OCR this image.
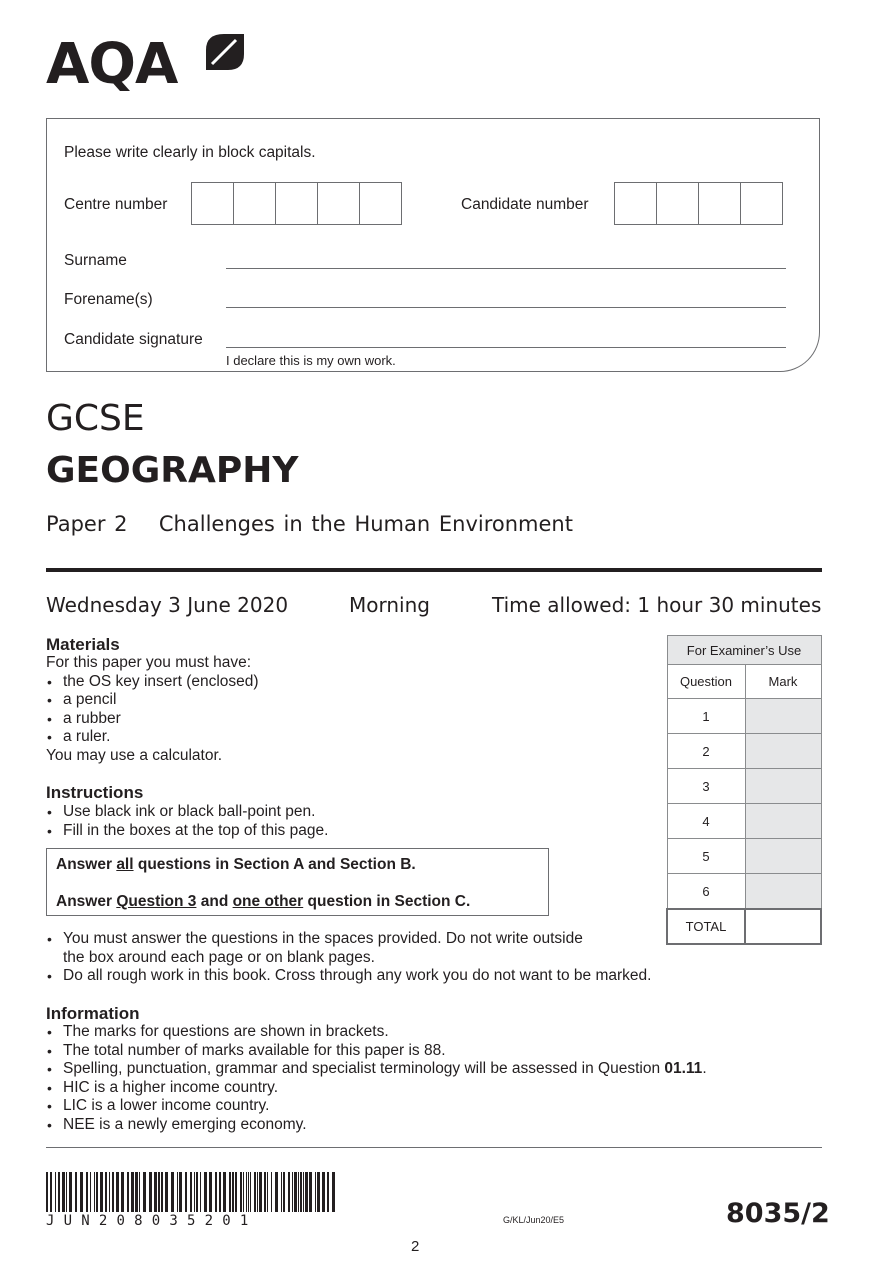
AQA
Please write clearly in block capitals.
Centre number	Candidate number
Surname
Forename(s)
Candidate signature
I declare this is my own work.
GCSE
GEOGRAPHY
Paper 2 Challenges in the Human Environment
Wednesday 3 June 2020	Morning	Time allowed: 1 hour 30 minutes
Materials
For this paper you must have:
• the OS key insert (enclosed)
• a pencil
• a rubber
• a ruler.
You may use a calculator.
Instructions
• Use black ink or black ball-point pen.
• Fill in the boxes at the top of this page.
Answer all questions in Section A and Section B.
Answer Question 3 and one other question in Section C.
• You must answer the questions in the spaces provided. Do not write outside
the box around each page or on blank pages.
• Do all rough work in this book. Cross through any work you do not want to be marked.
Information
• The marks for questions are shown in brackets.
• The total number of marks available for this paper is 88.
• Spelling, punctuation, grammar and specialist terminology will be assessed in Question 01.11.
• HIC is a higher income country.
• LIC is a lower income country.
• NEE is a newly emerging economy.
For Examiner’s Use	
Question	Mark
1	
2	
3	
4	
5	
6	
TOTAL	
JUN208035201	G/KL/Jun20/E5	8035/2
2
